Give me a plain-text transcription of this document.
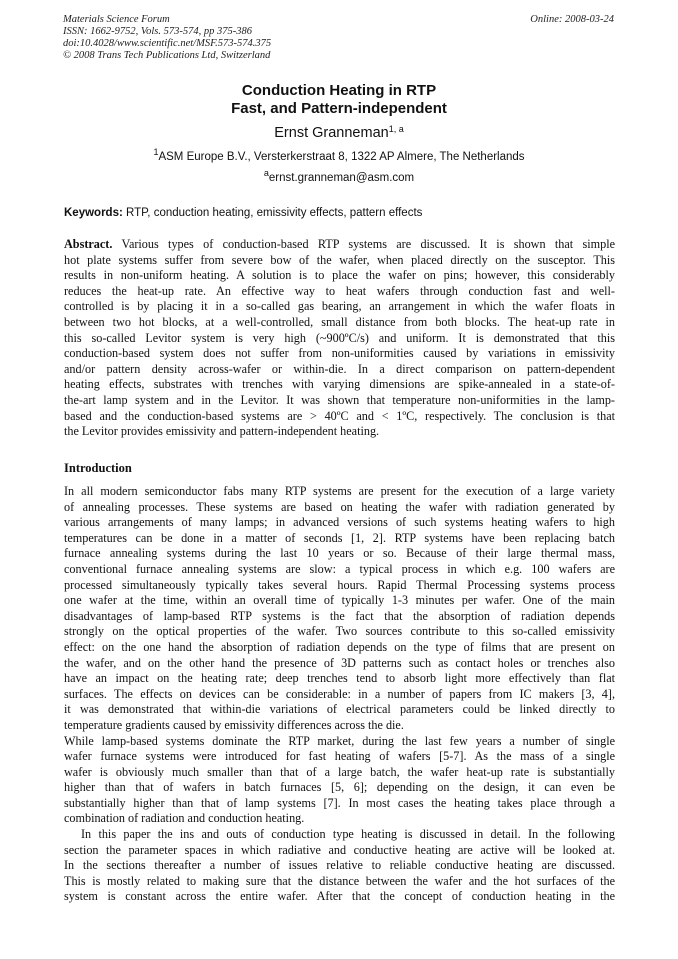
Materials Science Forum
ISSN: 1662-9752, Vols. 573-574, pp 375-386
doi:10.4028/www.scientific.net/MSF.573-574.375
© 2008 Trans Tech Publications Ltd, Switzerland
Online: 2008-03-24
Conduction Heating in RTP
Fast, and Pattern-independent
Ernst Granneman$^{1, a}$
$^1$ASM Europe B.V., Versterkerstraat 8, 1322 AP Almere, The Netherlands
$^a$ernst.granneman@asm.com
Keywords: RTP, conduction heating, emissivity effects, pattern effects
Abstract. Various types of conduction-based RTP systems are discussed. It is shown that simple
hot plate systems suffer from severe bow of the wafer, when placed directly on the susceptor. This
results in non-uniform heating. A solution is to place the wafer on pins; however, this considerably
reduces the heat-up rate. An effective way to heat wafers through conduction fast and well-
controlled is by placing it in a so-called gas bearing, an arrangement in which the wafer floats in
between two hot blocks, at a well-controlled, small distance from both blocks. The heat-up rate in
this so-called Levitor system is very high (~900ºC/s) and uniform. It is demonstrated that this
conduction-based system does not suffer from non-uniformities caused by variations in emissivity
and/or pattern density across-wafer or within-die. In a direct comparison on pattern-dependent
heating effects, substrates with trenches with varying dimensions are spike-annealed in a state-of-
the-art lamp system and in the Levitor. It was shown that temperature non-uniformities in the lamp-
based and the conduction-based systems are > 40ºC and < 1ºC, respectively. The conclusion is that
the Levitor provides emissivity and pattern-independent heating.
Introduction
In all modern semiconductor fabs many RTP systems are present for the execution of a large variety
of annealing processes. These systems are based on heating the wafer with radiation generated by
various arrangements of many lamps; in advanced versions of such systems heating wafers to high
temperatures can be done in a matter of seconds [1, 2]. RTP systems have been replacing batch
furnace annealing systems during the last 10 years or so. Because of their large thermal mass,
conventional furnace annealing systems are slow: a typical process in which e.g. 100 wafers are
processed simultaneously typically takes several hours. Rapid Thermal Processing systems process
one wafer at the time, within an overall time of typically 1-3 minutes per wafer. One of the main
disadvantages of lamp-based RTP systems is the fact that the absorption of radiation depends
strongly on the optical properties of the wafer. Two sources contribute to this so-called emissivity
effect: on the one hand the absorption of radiation depends on the type of films that are present on
the wafer, and on the other hand the presence of 3D patterns such as contact holes or trenches also
have an impact on the heating rate; deep trenches tend to absorb light more effectively than flat
surfaces. The effects on devices can be considerable: in a number of papers from IC makers [3, 4],
it was demonstrated that within-die variations of electrical parameters could be linked directly to
temperature gradients caused by emissivity differences across the die.
While lamp-based systems dominate the RTP market, during the last few years a number of single
wafer furnace systems were introduced for fast heating of wafers [5-7]. As the mass of a single
wafer is obviously much smaller than that of a large batch, the wafer heat-up rate is substantially
higher than that of wafers in batch furnaces [5, 6]; depending on the design, it can even be
substantially higher than that of lamp systems [7]. In most cases the heating takes place through a
combination of radiation and conduction heating.
In this paper the ins and outs of conduction type heating is discussed in detail. In the following
section the parameter spaces in which radiative and conductive heating are active will be looked at.
In the sections thereafter a number of issues relative to reliable conductive heating are discussed.
This is mostly related to making sure that the distance between the wafer and the hot surfaces of the
system is constant across the entire wafer. After that the concept of conduction heating in the
